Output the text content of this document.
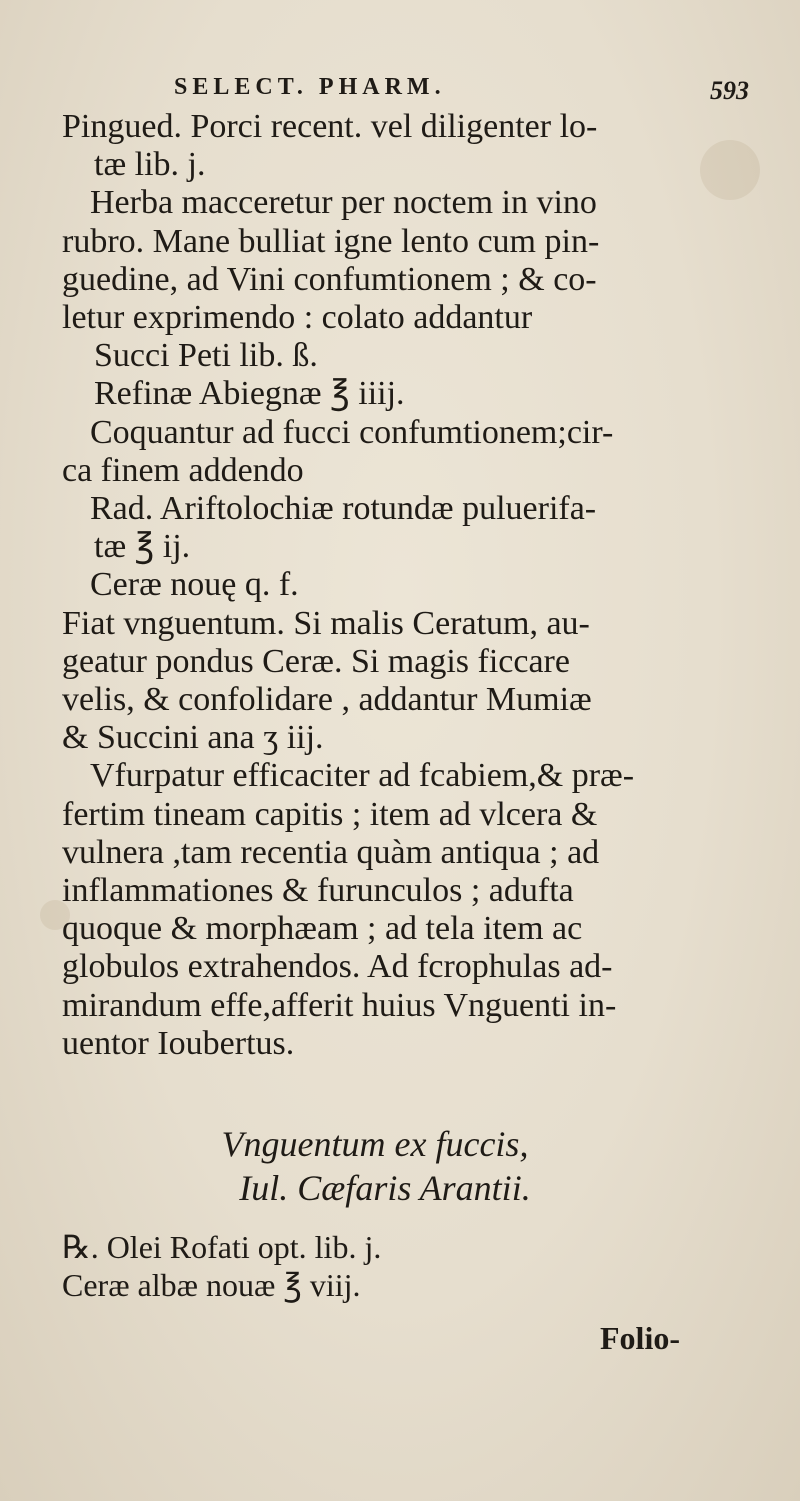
SELECT. PHARM.	593

Pingued. Porci recent. vel diligenter lo-

tæ lib. j.

Herba macceretur per noctem in vino

rubro. Mane bulliat igne lento cum pin-

guedine, ad Vini confumtionem ; & co-

letur exprimendo : colato addantur

Succi Peti lib. ß.

Refinæ Abiegnæ ℥ iiij.

Coquantur ad fucci confumtionem;cir-

ca finem addendo

Rad. Ariftolochiæ rotundæ puluerifa-

tæ ℥ ij.

Ceræ nouę q. f.

Fiat vnguentum. Si malis Ceratum, au-

geatur pondus Ceræ. Si magis ficcare

velis, & confolidare , addantur Mumiæ

& Succini ana ʒ iij.

Vfurpatur efficaciter ad fcabiem,& præ-

fertim tineam capitis ; item ad vlcera &

vulnera ,tam recentia quàm antiqua ; ad

inflammationes & furunculos ; adufta

quoque & morphæam ; ad tela item ac

globulos extrahendos. Ad fcrophulas ad-

mirandum effe,afferit huius Vnguenti in-

uentor Ioubertus.

Vnguentum ex fuccis,
Iul. Cæfaris Arantii.

℞. Olei Rofati opt. lib. j.

Ceræ albæ nouæ ℥ viij.

Folio-
